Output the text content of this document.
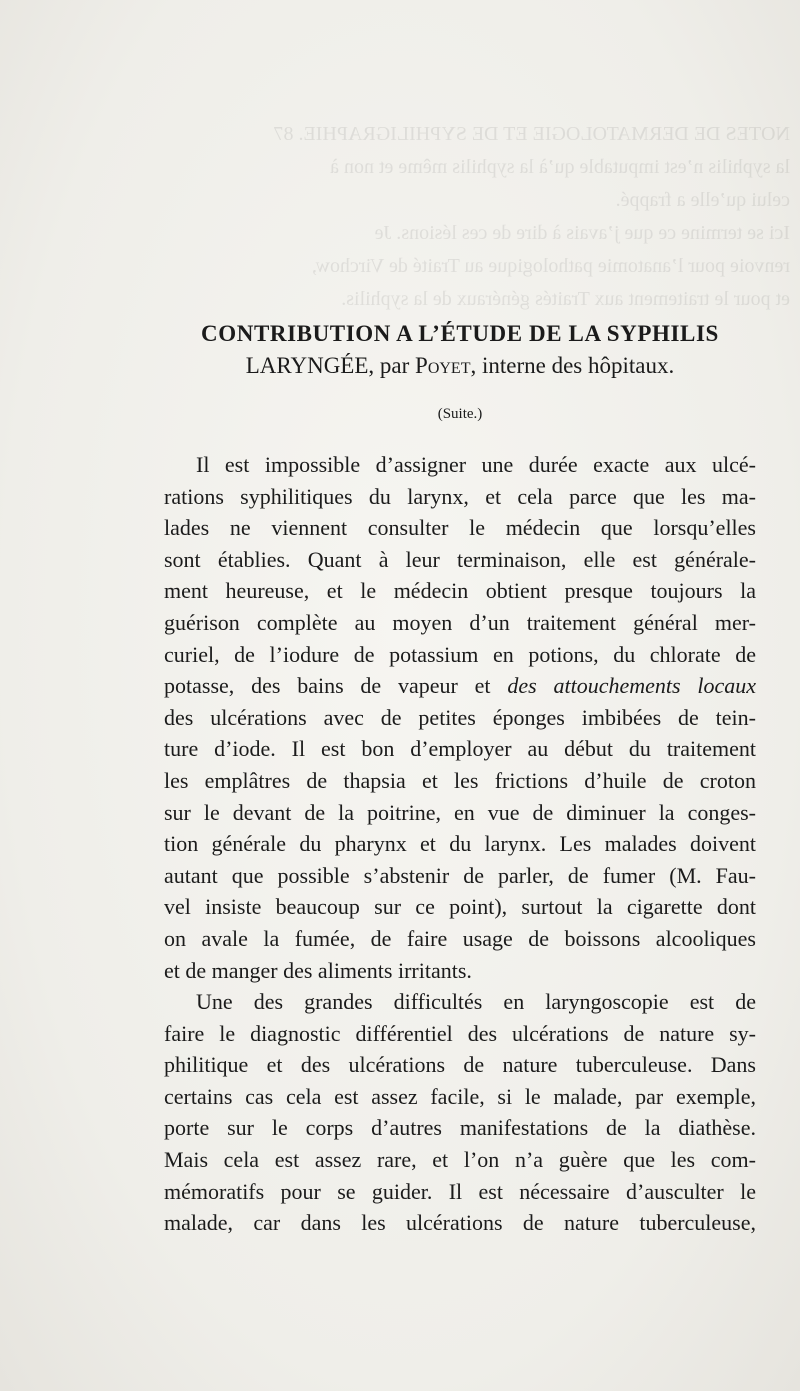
NOTES DE DERMATOLOGIE ET DE SYPHILIGRAPHIE. 87
la syphilis n’est imputable qu’à la syphilis même et non à
celui qu’elle a frappé.
Ici se termine ce que j’avais à dire de ces lésions. Je
renvoie pour l’anatomie pathologique au Traité de Virchow,
et pour le traitement aux Traités généraux de la syphilis.
CONTRIBUTION A L’ÉTUDE DE LA SYPHILIS
LARYNGÉE, par Poyet, interne des hôpitaux.
(Suite.)
Il est impossible d’assigner une durée exacte aux ulcé-
rations syphilitiques du larynx, et cela parce que les ma-
lades ne viennent consulter le médecin que lorsqu’elles
sont établies. Quant à leur terminaison, elle est générale-
ment heureuse, et le médecin obtient presque toujours la
guérison complète au moyen d’un traitement général mer-
curiel, de l’iodure de potassium en potions, du chlorate de
potasse, des bains de vapeur et des attouchements locaux
des ulcérations avec de petites éponges imbibées de tein-
ture d’iode. Il est bon d’employer au début du traitement
les emplâtres de thapsia et les frictions d’huile de croton
sur le devant de la poitrine, en vue de diminuer la conges-
tion générale du pharynx et du larynx. Les malades doivent
autant que possible s’abstenir de parler, de fumer (M. Fau-
vel insiste beaucoup sur ce point), surtout la cigarette dont
on avale la fumée, de faire usage de boissons alcooliques
et de manger des aliments irritants.
Une des grandes difficultés en laryngoscopie est de
faire le diagnostic différentiel des ulcérations de nature sy-
philitique et des ulcérations de nature tuberculeuse. Dans
certains cas cela est assez facile, si le malade, par exemple,
porte sur le corps d’autres manifestations de la diathèse.
Mais cela est assez rare, et l’on n’a guère que les com-
mémoratifs pour se guider. Il est nécessaire d’ausculter le
malade, car dans les ulcérations de nature tuberculeuse,
